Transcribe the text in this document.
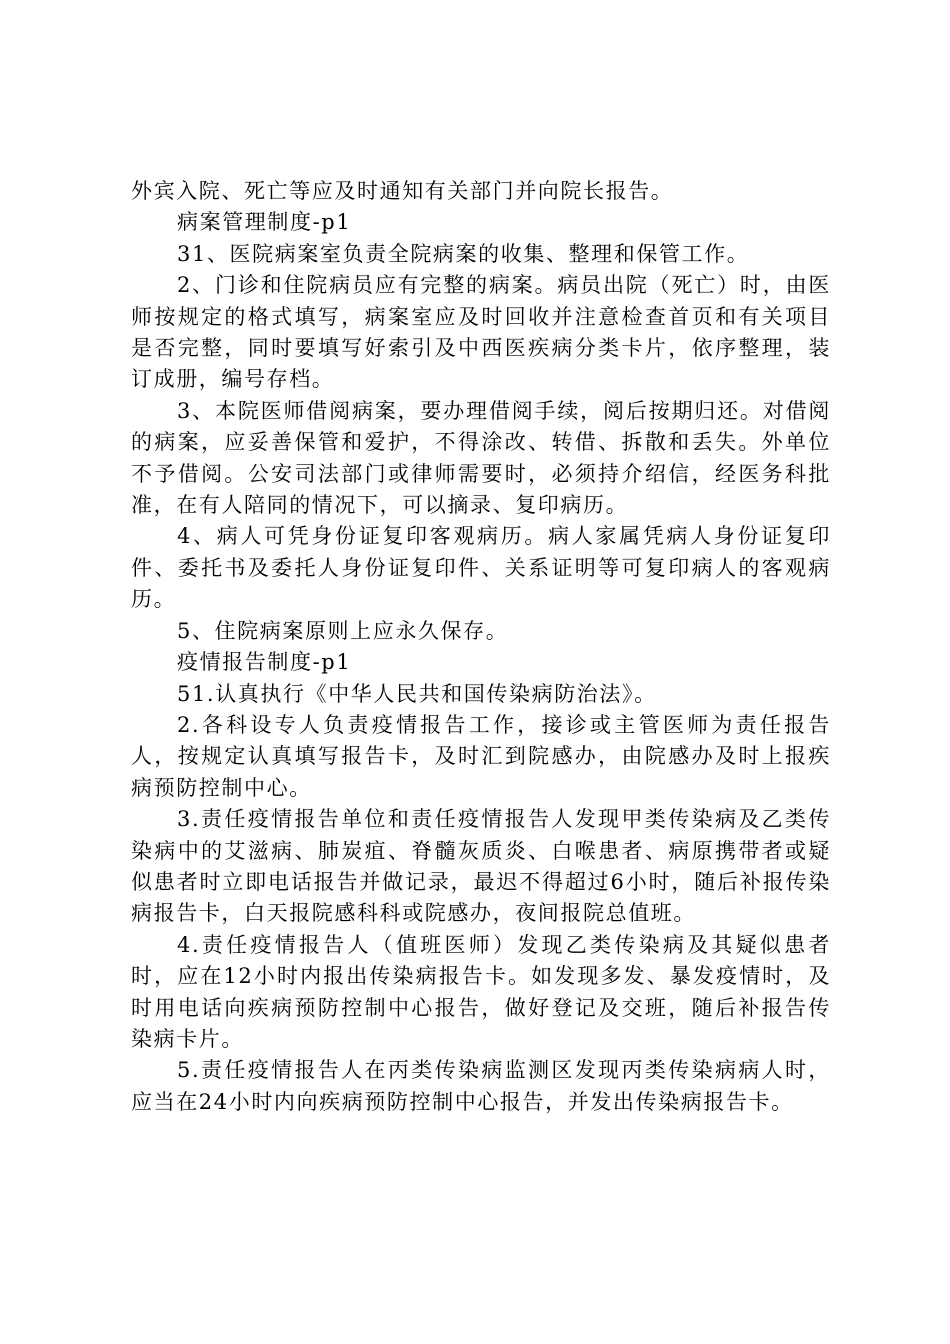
外宾入院、死亡等应及时通知有关部门并向院长报告。

病案管理制度-p1

31、医院病案室负责全院病案的收集、整理和保管工作。

2、门诊和住院病员应有完整的病案。病员出院（死亡）时，由医师按规定的格式填写，病案室应及时回收并注意检查首页和有关项目是否完整，同时要填写好索引及中西医疾病分类卡片，依序整理，装订成册，编号存档。

3、本院医师借阅病案，要办理借阅手续，阅后按期归还。对借阅的病案，应妥善保管和爱护，不得涂改、转借、拆散和丢失。外单位不予借阅。公安司法部门或律师需要时，必须持介绍信，经医务科批准，在有人陪同的情况下，可以摘录、复印病历。

4、病人可凭身份证复印客观病历。病人家属凭病人身份证复印件、委托书及委托人身份证复印件、关系证明等可复印病人的客观病历。

5、住院病案原则上应永久保存。

疫情报告制度-p1

51.认真执行《中华人民共和国传染病防治法》。

2.各科设专人负责疫情报告工作，接诊或主管医师为责任报告人，按规定认真填写报告卡，及时汇到院感办，由院感办及时上报疾病预防控制中心。

3.责任疫情报告单位和责任疫情报告人发现甲类传染病及乙类传染病中的艾滋病、肺炭疽、脊髓灰质炎、白喉患者、病原携带者或疑似患者时立即电话报告并做记录，最迟不得超过6小时，随后补报传染病报告卡，白天报院感科科或院感办，夜间报院总值班。

4.责任疫情报告人（值班医师）发现乙类传染病及其疑似患者时，应在12小时内报出传染病报告卡。如发现多发、暴发疫情时，及时用电话向疾病预防控制中心报告，做好登记及交班，随后补报告传染病卡片。

5.责任疫情报告人在丙类传染病监测区发现丙类传染病病人时，应当在24小时内向疾病预防控制中心报告，并发出传染病报告卡。
